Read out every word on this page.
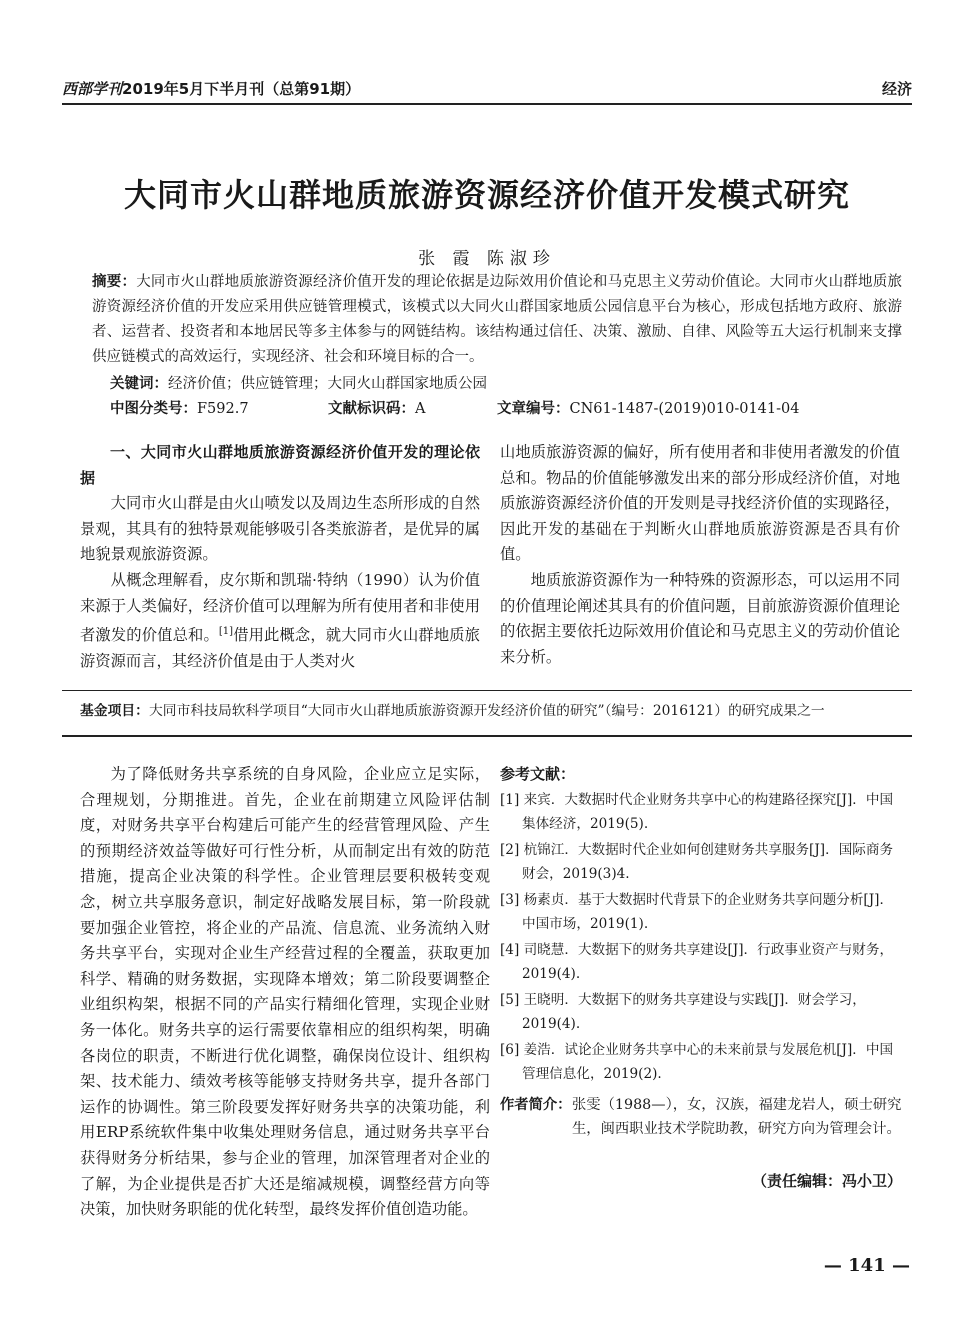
西部学刊2019年5月下半月刊（总第91期）	经济
大同市火山群地质旅游资源经济价值开发模式研究
张 霞 陈淑珍
摘要：大同市火山群地质旅游资源经济价值开发的理论依据是边际效用价值论和马克思主义劳动价值论。大同市火山群地质旅游资源经济价值的开发应采用供应链管理模式，该模式以大同火山群国家地质公园信息平台为核心，形成包括地方政府、旅游者、运营者、投资者和本地居民等多主体参与的网链结构。该结构通过信任、决策、激励、自律、风险等五大运行机制来支撑供应链模式的高效运行，实现经济、社会和环境目标的合一。
关键词：经济价值；供应链管理；大同火山群国家地质公园
中图分类号：F592.7	文献标识码：A	文章编号：CN61-1487-(2019)010-0141-04

一、大同市火山群地质旅游资源经济价值开发的理论依据

大同市火山群是由火山喷发以及周边生态所形成的自然景观，其具有的独特景观能够吸引各类旅游者，是优异的属地貌景观旅游资源。

从概念理解看，皮尔斯和凯瑞·特纳（1990）认为价值来源于人类偏好，经济价值可以理解为所有使用者和非使用者激发的价值总和。[1]借用此概念，就大同市火山群地质旅游资源而言，其经济价值是由于人类对火

山地质旅游资源的偏好，所有使用者和非使用者激发的价值总和。物品的价值能够激发出来的部分形成经济价值，对地质旅游资源经济价值的开发则是寻找经济价值的实现路径，因此开发的基础在于判断火山群地质旅游资源是否具有价值。

地质旅游资源作为一种特殊的资源形态，可以运用不同的价值理论阐述其具有的价值问题，目前旅游资源价值理论的依据主要依托边际效用价值论和马克思主义的劳动价值论来分析。

基金项目：大同市科技局软科学项目“大同市火山群地质旅游资源开发经济价值的研究”（编号：2016121）的研究成果之一

为了降低财务共享系统的自身风险，企业应立足实际，合理规划，分期推进。首先，企业在前期建立风险评估制度，对财务共享平台构建后可能产生的经营管理风险、产生的预期经济效益等做好可行性分析，从而制定出有效的防范措施，提高企业决策的科学性。企业管理层要积极转变观念，树立共享服务意识，制定好战略发展目标，第一阶段就要加强企业管控，将企业的产品流、信息流、业务流纳入财务共享平台，实现对企业生产经营过程的全覆盖，获取更加科学、精确的财务数据，实现降本增效；第二阶段要调整企业组织构架，根据不同的产品实行精细化管理，实现企业财务一体化。财务共享的运行需要依靠相应的组织构架，明确各岗位的职责，不断进行优化调整，确保岗位设计、组织构架、技术能力、绩效考核等能够支持财务共享，提升各部门运作的协调性。第三阶段要发挥好财务共享的决策功能，利用ERP系统软件集中收集处理财务信息，通过财务共享平台获得财务分析结果，参与企业的管理，加深管理者对企业的了解，为企业提供是否扩大还是缩减规模，调整经营方向等决策，加快财务职能的优化转型，最终发挥价值创造功能。

参考文献：

[1] 来宾．大数据时代企业财务共享中心的构建路径探究[J]．中国集体经济，2019(5).

[2] 杭锦江．大数据时代企业如何创建财务共享服务[J]．国际商务财会，2019(3)4.

[3] 杨素贞．基于大数据时代背景下的企业财务共享问题分析[J]．中国市场，2019(1).

[4] 司晓慧．大数据下的财务共享建设[J]．行政事业资产与财务，2019(4).

[5] 王晓明．大数据下的财务共享建设与实践[J]．财会学习，2019(4).

[6] 姜浩．试论企业财务共享中心的未来前景与发展危机[J]．中国管理信息化，2019(2).

作者简介： 张雯（1988—），女，汉族，福建龙岩人，硕士研究生，闽西职业技术学院助教，研究方向为管理会计。
（责任编辑：冯小卫）
— 141 —
